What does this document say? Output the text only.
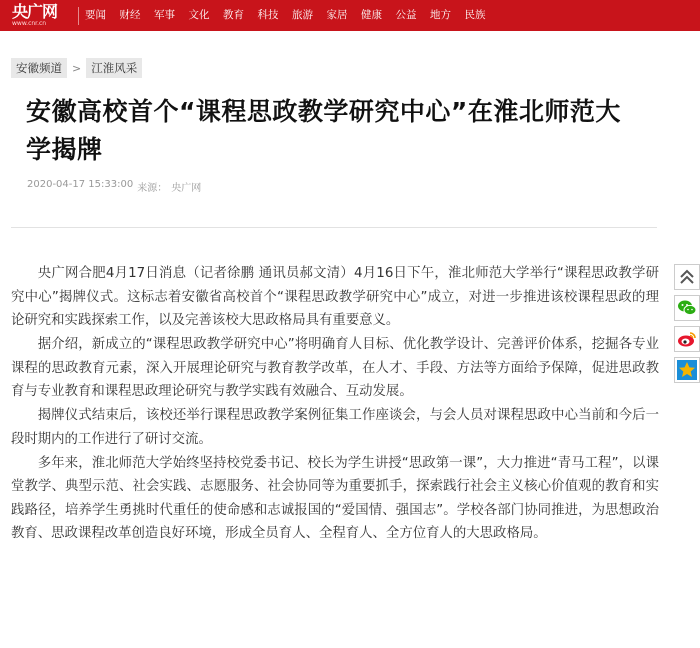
央广网
www.cnr.cn
要闻 财经 军事 文化 教育 科技 旅游 家居 健康 公益 地方 民族
安徽频道 > 江淮风采
安徽高校首个“课程思政教学研究中心”在淮北师范大学揭牌
2020-04-17 15:33:00 来源： 央广网

央广网合肥4月17日消息（记者徐鹏 通讯员郝文清）4月16日下午，淮北师范大学举行“课程思政教学研究中心”揭牌仪式。这标志着安徽省高校首个“课程思政教学研究中心”成立，对进一步推进该校课程思政的理论研究和实践探索工作，以及完善该校大思政格局具有重要意义。

据介绍，新成立的“课程思政教学研究中心”将明确育人目标、优化教学设计、完善评价体系，挖掘各专业课程的思政教育元素，深入开展理论研究与教育教学改革，在人才、手段、方法等方面给予保障，促进思政教育与专业教育和课程思政理论研究与教学实践有效融合、互动发展。

揭牌仪式结束后，该校还举行课程思政教学案例征集工作座谈会，与会人员对课程思政中心当前和今后一段时期内的工作进行了研讨交流。

多年来，淮北师范大学始终坚持校党委书记、校长为学生讲授“思政第一课”，大力推进“青马工程”，以课堂教学、典型示范、社会实践、志愿服务、社会协同等为重要抓手，探索践行社会主义核心价值观的教育和实践路径，培养学生勇挑时代重任的使命感和志诚报国的“爱国情、强国志”。学校各部门协同推进，为思想政治教育、思政课程改革创造良好环境，形成全员育人、全程育人、全方位育人的大思政格局。
